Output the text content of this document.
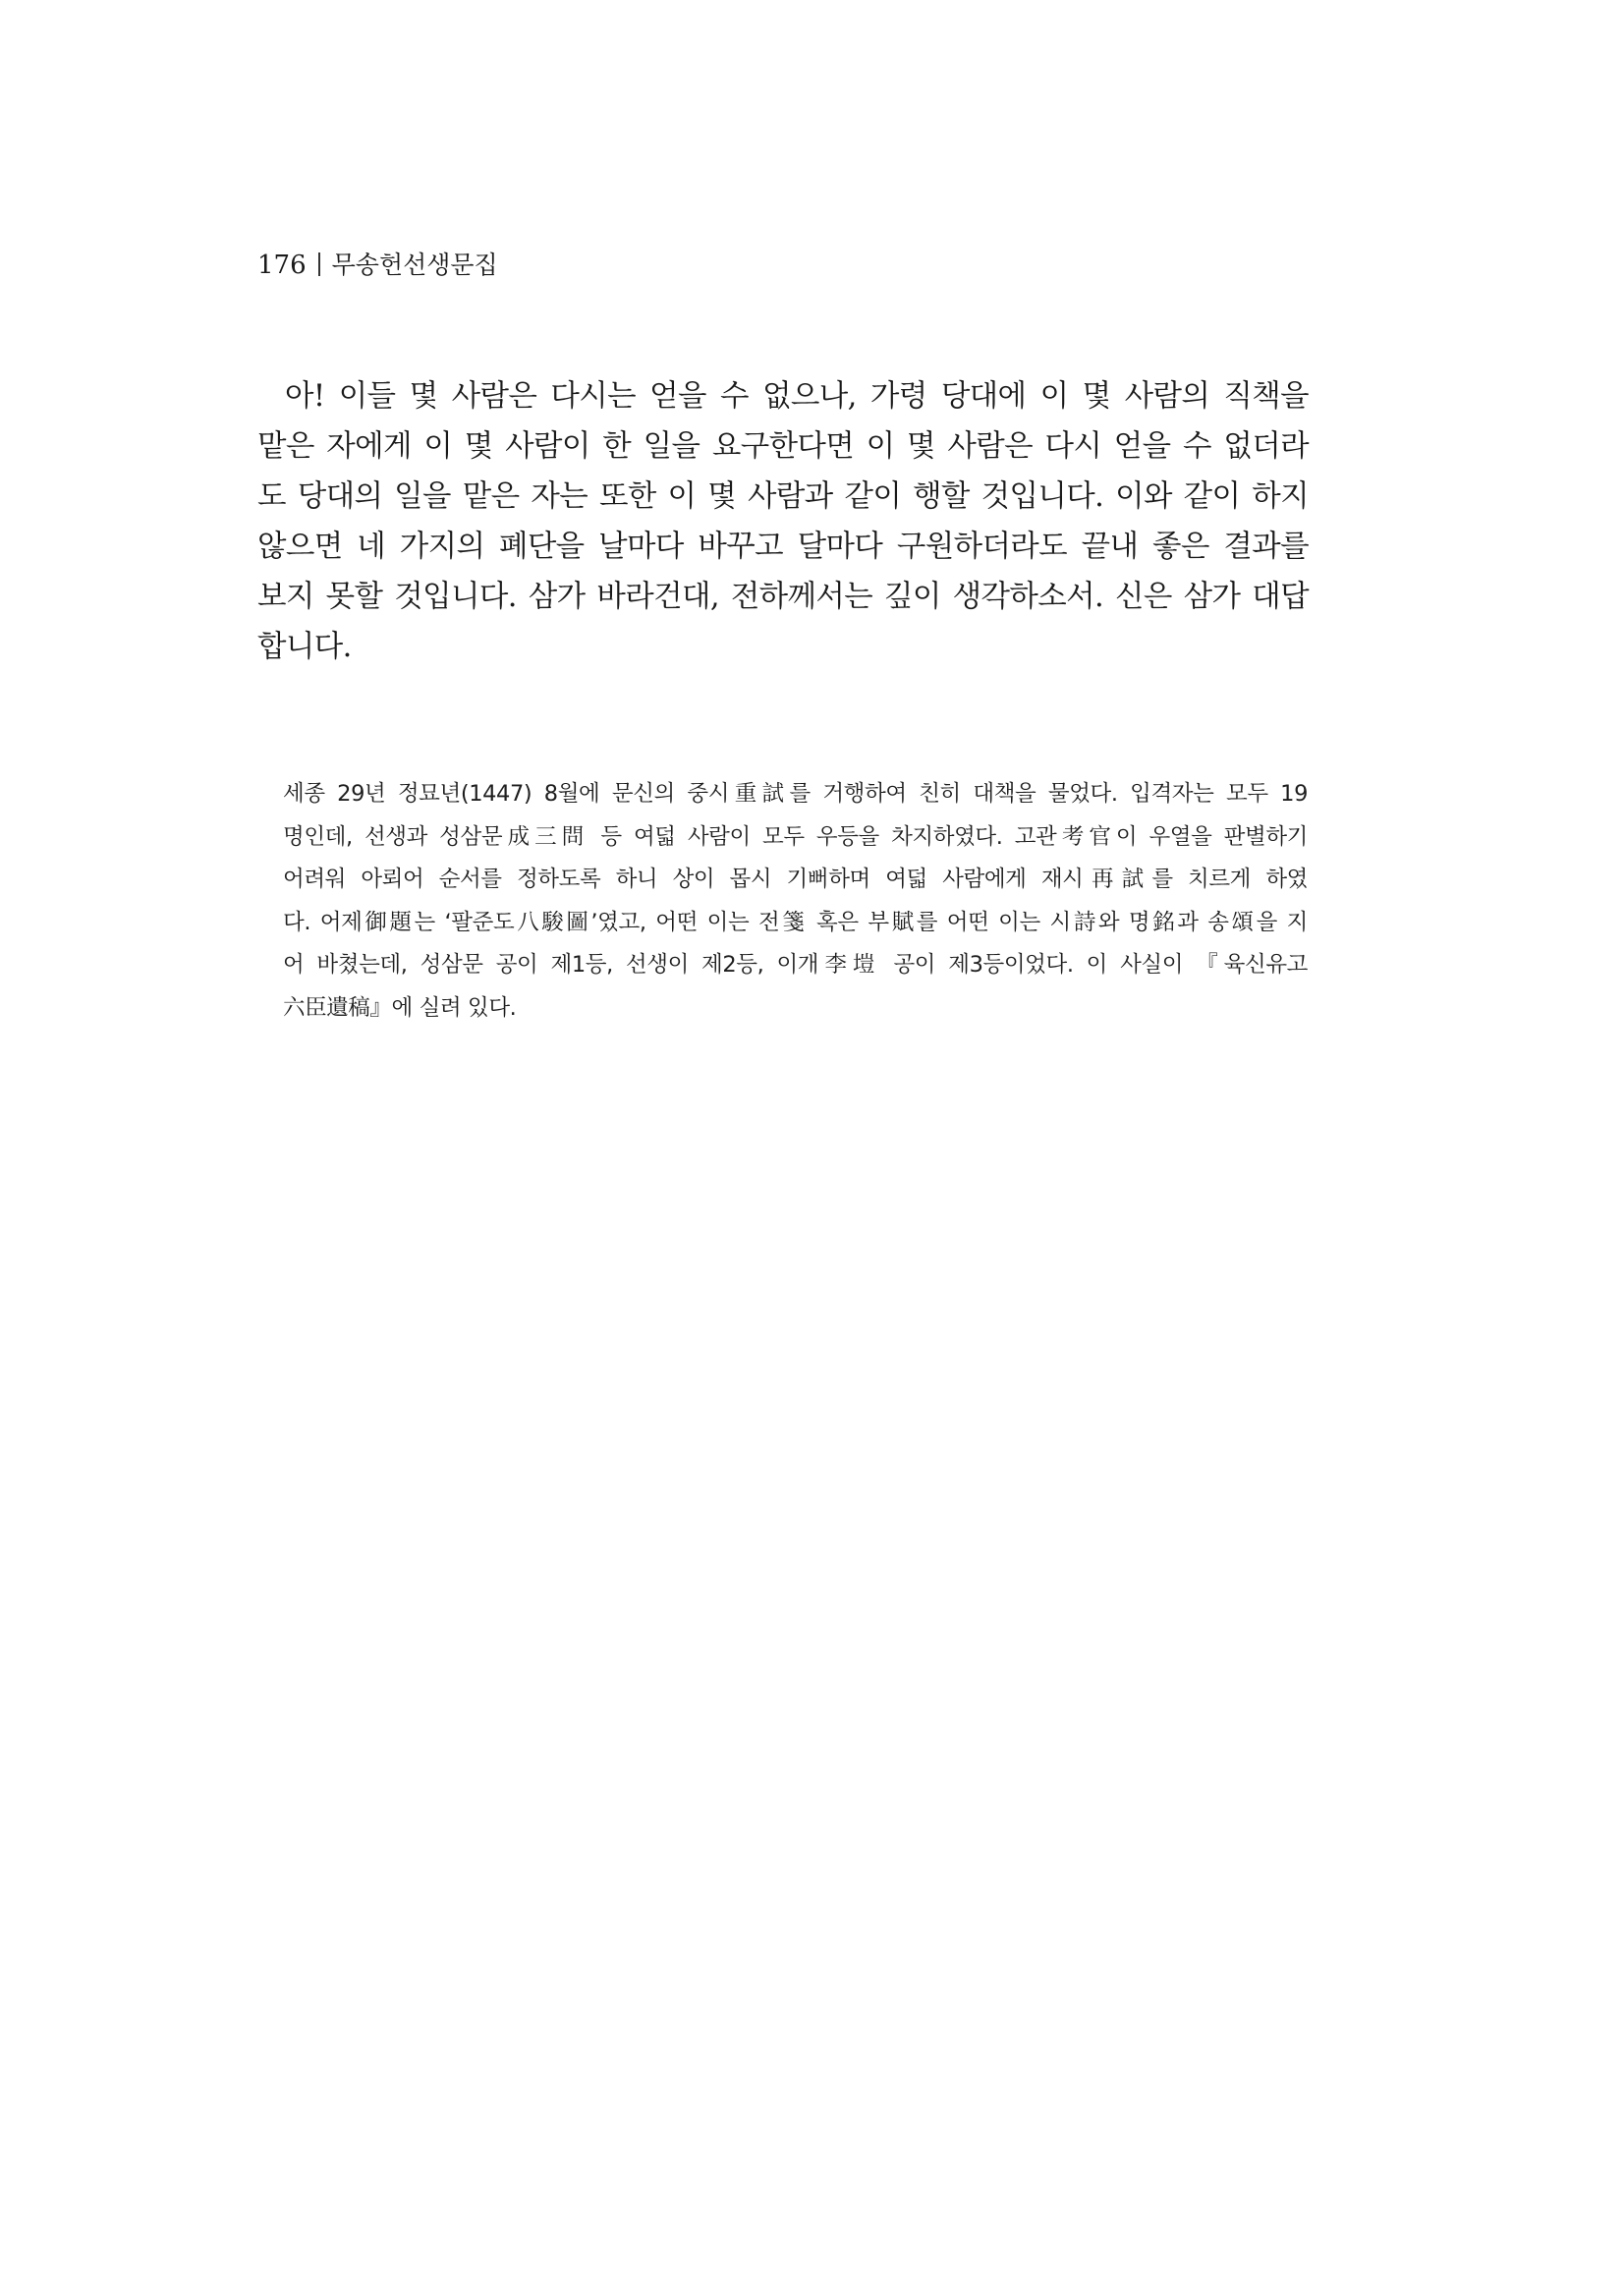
176 무송헌선생문집
아! 이들 몇 사람은 다시는 얻을 수 없으나, 가령 당대에 이 몇 사람의 직책을
맡은 자에게 이 몇 사람이 한 일을 요구한다면 이 몇 사람은 다시 얻을 수 없더라
도 당대의 일을 맡은 자는 또한 이 몇 사람과 같이 행할 것입니다. 이와 같이 하지
않으면 네 가지의 폐단을 날마다 바꾸고 달마다 구원하더라도 끝내 좋은 결과를
보지 못할 것입니다. 삼가 바라건대, 전하께서는 깊이 생각하소서. 신은 삼가 대답
합니다.
세종 29년 정묘년(1447) 8월에 문신의 중시重試를 거행하여 친히 대책을 물었다. 입격자는 모두 19
명인데, 선생과 성삼문成三問 등 여덟 사람이 모두 우등을 차지하였다. 고관考官이 우열을 판별하기
어려워 아뢰어 순서를 정하도록 하니 상이 몹시 기뻐하며 여덟 사람에게 재시再試를 치르게 하였
다. 어제御題는 ‘팔준도八駿圖’였고, 어떤 이는 전箋 혹은 부賦를 어떤 이는 시詩와 명銘과 송頌을 지
어 바쳤는데, 성삼문 공이 제1등, 선생이 제2등, 이개李塏 공이 제3등이었다. 이 사실이 『육신유고
六臣遺稿』에 실려 있다.
